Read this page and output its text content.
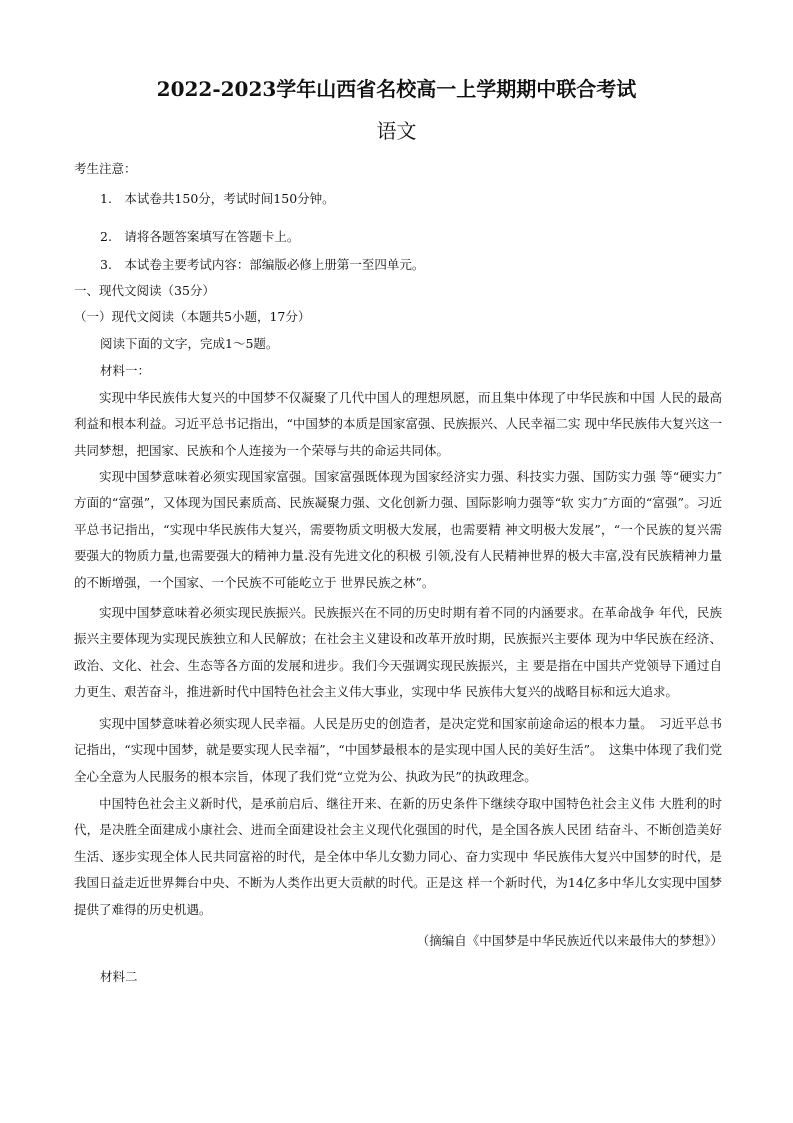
2022-2023学年山西省名校高一上学期期中联合考试
语文
考生注意：
1.　本试卷共150分，考试时间150分钟。
2.　请将各题答案填写在答题卡上。
3.　本试卷主要考试内容：部编版必修上册第一至四单元。
一、现代文阅读（35分）
（一）现代文阅读（本题共5小题，17分）
阅读下面的文字，完成1～5题。
材料一：

实现中华民族伟大复兴的中国梦不仅凝聚了几代中国人的理想夙愿，而且集中体现了中华民族和中国 人民的最高利益和根本利益。习近平总书记指出，“中国梦的本质是国家富强、民族振兴、人民幸福二实 现中华民族伟大复兴这一共同梦想，把国家、民族和个人连接为一个荣辱与共的命运共同体。

实现中国梦意味着必须实现国家富强。国家富强既体现为国家经济实力强、科技实力强、国防实力强 等“硬实力″方面的“富强”，又体现为国民素质高、民族凝聚力强、文化创新力强、国际影响力强等“软 实力″方面的“富强”。习近平总书记指出，“实现中华民族伟大复兴，需要物质文明极大发展，也需要精 神文明极大发展”，“一个民族的复兴需要强大的物质力量,也需要强大的精神力量.没有先进文化的积极 引领,没有人民精神世界的极大丰富,没有民族精神力量的不断增强，一个国家、一个民族不可能屹立于 世界民族之林”。

实现中国梦意味着必须实现民族振兴。民族振兴在不同的历史时期有着不同的内涵要求。在革命战争 年代，民族振兴主要体现为实现民族独立和人民解放；在社会主义建设和改革开放时期，民族振兴主要体 现为中华民族在经济、政治、文化、社会、生态等各方面的发展和进步。我们今天强调实现民族振兴，主 要是指在中国共产党领导下通过自力更生、艰苦奋斗，推进新时代中国特色社会主义伟大事业，实现中华 民族伟大复兴的战略目标和远大追求。

实现中国梦意味着必须实现人民幸福。人民是历史的创造者，是决定党和国家前途命运的根本力量。　习近平总书记指出，“实现中国梦，就是要实现人民幸福”，“中国梦最根本的是实现中国人民的美好生活”。　这集中体现了我们党全心全意为人民服务的根本宗旨，体现了我们党“立党为公、执政为民”的执政理念。

中国特色社会主义新时代，是承前启后、继往开来、在新的历史条件下继续夺取中国特色社会主义伟 大胜利的时代，是决胜全面建成小康社会、进而全面建设社会主义现代化强国的时代，是全国各族人民团 结奋斗、不断创造美好生活、逐步实现全体人民共同富裕的时代，是全体中华儿女勠力同心、奋力实现中 华民族伟大复兴中国梦的时代，是我国日益走近世界舞台中央、不断为人类作出更大贡献的时代。正是这 样一个新时代，为14亿多中华儿女实现中国梦提供了难得的历史机遇。

（摘编自《中国梦是中华民族近代以来最伟大的梦想》）
材料二
